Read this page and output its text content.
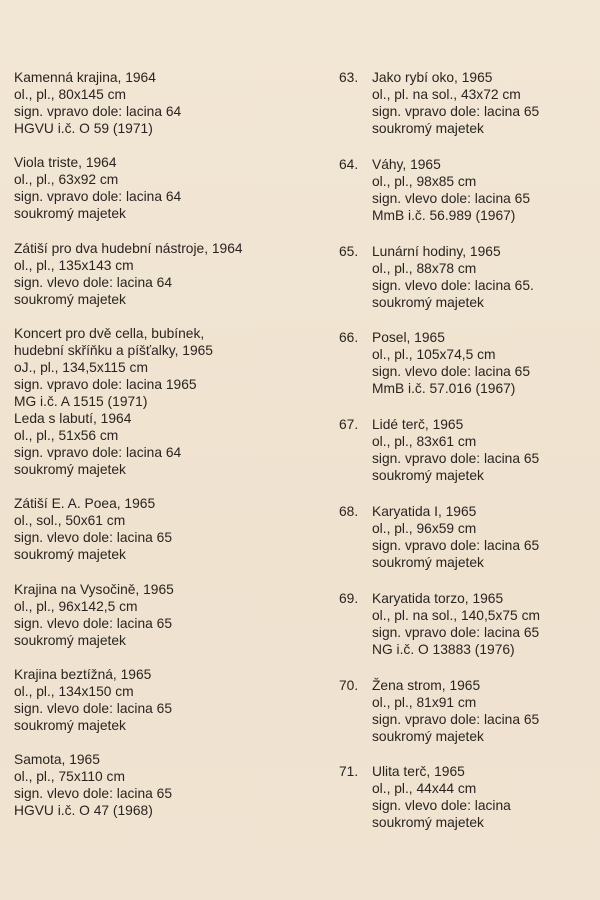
Kamenná krajina, 1964
ol., pl., 80x145 cm
sign. vpravo dole: lacina 64
HGVU i.č. O 59 (1971)
Viola triste, 1964
ol., pl., 63x92 cm
sign. vpravo dole: lacina 64
soukromý majetek
Zátiší pro dva hudební nástroje, 1964
ol., pl., 135x143 cm
sign. vlevo dole: lacina 64
soukromý majetek
Koncert pro dvě cella, bubínek,
hudební skříňku a píšťalky, 1965
oJ., pl., 134,5x115 cm
sign. vpravo dole: lacina 1965
MG i.č. A 1515 (1971)
Leda s labutí, 1964
ol., pl., 51x56 cm
sign. vpravo dole: lacina 64
soukromý majetek
Zátiší E. A. Poea, 1965
ol., sol., 50x61 cm
sign. vlevo dole: lacina 65
soukromý majetek
Krajina na Vysočině, 1965
ol., pl., 96x142,5 cm
sign. vlevo dole: lacina 65
soukromý majetek
Krajina beztížná, 1965
ol., pl., 134x150 cm
sign. vlevo dole: lacina 65
soukromý majetek
Samota, 1965
ol., pl., 75x110 cm
sign. vlevo dole: lacina 65
HGVU i.č. O 47 (1968)
63. Jako rybí oko, 1965
ol., pl. na sol., 43x72 cm
sign. vpravo dole: lacina 65
soukromý majetek
64. Váhy, 1965
ol., pl., 98x85 cm
sign. vlevo dole: lacina 65
MmB i.č. 56.989 (1967)
65. Lunární hodiny, 1965
ol., pl., 88x78 cm
sign. vlevo dole: lacina 65.
soukromý majetek
66. Posel, 1965
ol., pl., 105x74,5 cm
sign. vlevo dole: lacina 65
MmB i.č. 57.016 (1967)
67. Lidé terč, 1965
ol., pl., 83x61 cm
sign. vpravo dole: lacina 65
soukromý majetek
68. Karyatida I, 1965
ol., pl., 96x59 cm
sign. vpravo dole: lacina 65
soukromý majetek
69. Karyatida torzo, 1965
ol., pl. na sol., 140,5x75 cm
sign. vpravo dole: lacina 65
NG i.č. O 13883 (1976)
70. Žena strom, 1965
ol., pl., 81x91 cm
sign. vpravo dole: lacina 65
soukromý majetek
71. Ulita terč, 1965
ol., pl., 44x44 cm
sign. vlevo dole: lacina
soukromý majetek
